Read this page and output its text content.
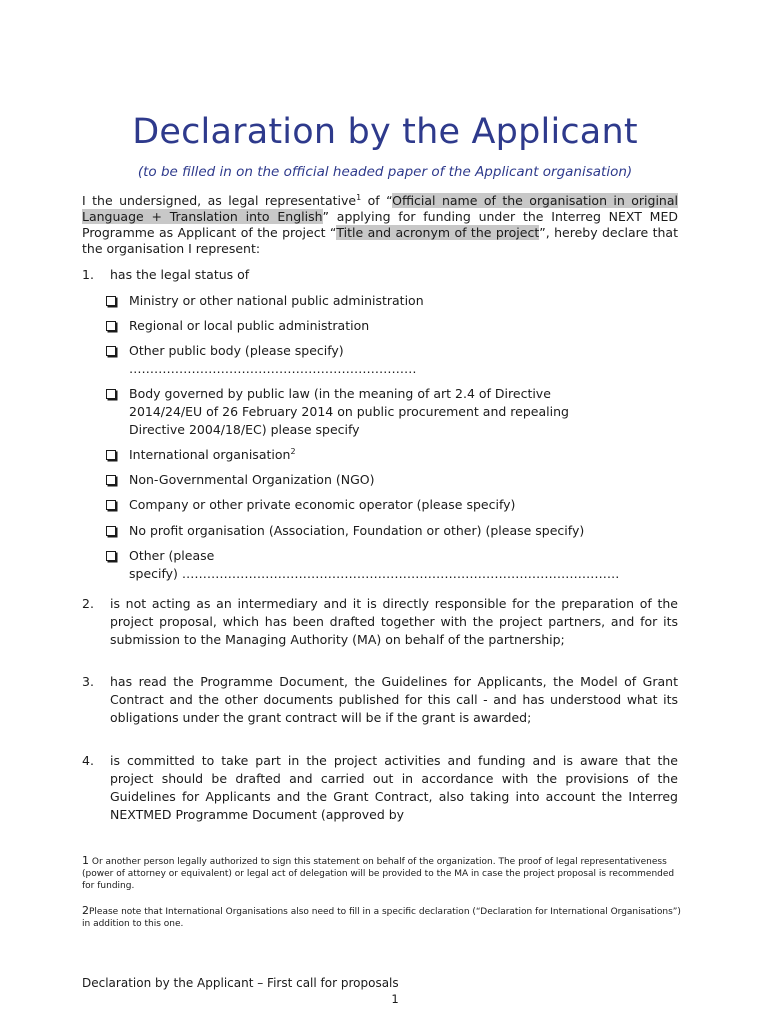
Declaration by the Applicant
(to be filled in on the official headed paper of the Applicant organisation)
I the undersigned, as legal representative$^1$ of “Official name of the organisation in original Language + Translation into English” applying for funding under the Interreg NEXT MED Programme as Applicant of the project “Title and acronym of the project”, hereby declare that the organisation I represent:
1. has the legal status of
Ministry or other national public administration
Regional or local public administration
Other public body (please specify)
……………………………………………………………
Body governed by public law (in the meaning of art 2.4 of Directive
2014/24/EU of 26 February 2014 on public procurement and repealing
Directive 2004/18/EC) please specify
International organisation$^2$
Non-Governmental Organization (NGO)
Company or other private economic operator (please specify)
No profit organisation (Association, Foundation or other) (please specify)
Other (please
specify) ……………………………………………………………………………………………
2. is not acting as an intermediary and it is directly responsible for the preparation of the project proposal, which has been drafted together with the project partners, and for its submission to the Managing Authority (MA) on behalf of the partnership;
3. has read the Programme Document, the Guidelines for Applicants, the Model of Grant Contract and the other documents published for this call - and has understood what its obligations under the grant contract will be if the grant is awarded;
4. is committed to take part in the project activities and funding and is aware that the project should be drafted and carried out in accordance with the provisions of the Guidelines for Applicants and the Grant Contract, also taking into account the Interreg NEXTMED Programme Document (approved by
1 Or another person legally authorized to sign this statement on behalf of the organization. The proof of legal representativeness (power of attorney or equivalent) or legal act of delegation will be provided to the MA in case the project proposal is recommended for funding.
2Please note that International Organisations also need to fill in a specific declaration (“Declaration for International Organisations”) in addition to this one.
Declaration by the Applicant – First call for proposals
1
